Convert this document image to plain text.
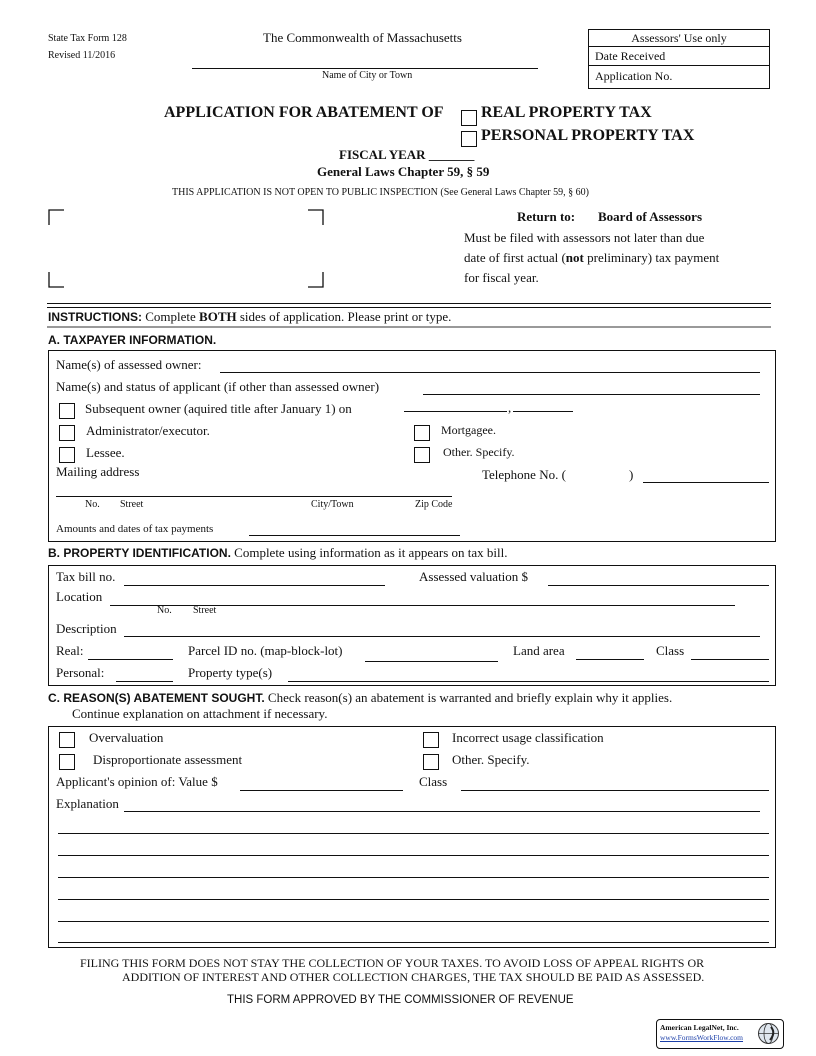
State Tax Form 128
Revised 11/2016
The Commonwealth of Massachusetts
Name of City or Town
Assessors' Use only
Date Received
Application No.
APPLICATION FOR ABATEMENT OF REAL PROPERTY TAX
PERSONAL PROPERTY TAX
FISCAL YEAR _______
General Laws Chapter 59, § 59
THIS APPLICATION IS NOT OPEN TO PUBLIC INSPECTION (See General Laws Chapter 59, § 60)
Return to: Board of Assessors
Must be filed with assessors not later than due
date of first actual (not preliminary) tax payment
for fiscal year.
INSTRUCTIONS: Complete BOTH sides of application. Please print or type.
A. TAXPAYER INFORMATION.
Name(s) of assessed owner:
Name(s) and status of applicant (if other than assessed owner)
Subsequent owner (aquired title after January 1) on	,
Administrator/executor.	Mortgagee.
Lessee.	Other. Specify.
Mailing address	Telephone No. (	)
No. Street	City/Town	Zip Code
Amounts and dates of tax payments
B. PROPERTY IDENTIFICATION. Complete using information as it appears on tax bill.
Tax bill no.	Assessed valuation $
Location
No. Street
Description
Real:	Parcel ID no. (map-block-lot)	Land area	Class
Personal:	Property type(s)
C. REASON(S) ABATEMENT SOUGHT. Check reason(s) an abatement is warranted and briefly explain why it applies.
Continue explanation on attachment if necessary.
Overvaluation	Incorrect usage classification
Disproportionate assessment	Other. Specify.
Applicant's opinion of: Value $	Class
Explanation
FILING THIS FORM DOES NOT STAY THE COLLECTION OF YOUR TAXES. TO AVOID LOSS OF APPEAL RIGHTS OR
ADDITION OF INTEREST AND OTHER COLLECTION CHARGES, THE TAX SHOULD BE PAID AS ASSESSED.
THIS FORM APPROVED BY THE COMMISSIONER OF REVENUE
American LegalNet, Inc.
www.FormsWorkFlow.com
